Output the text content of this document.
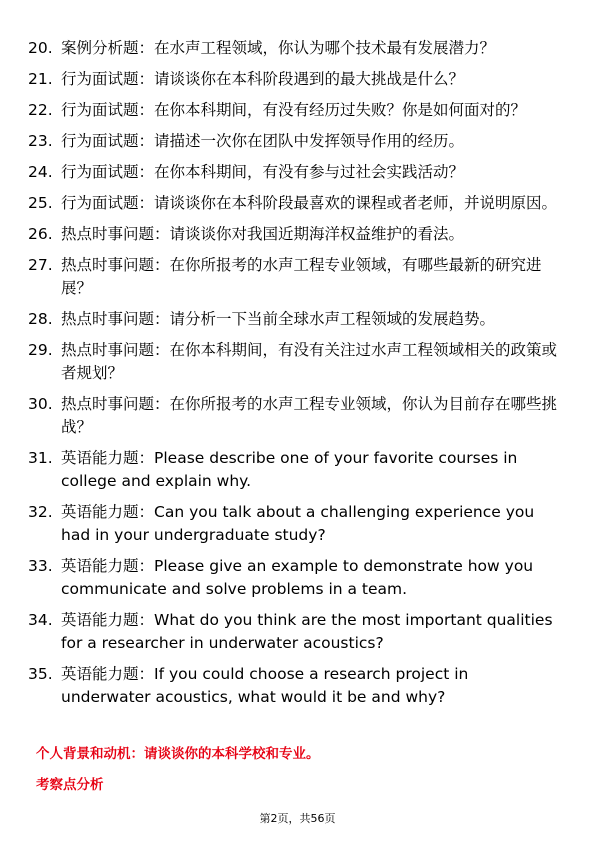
20. 案例分析题：在水声工程领域，你认为哪个技术最有发展潜力？
21. 行为面试题：请谈谈你在本科阶段遇到的最大挑战是什么？
22. 行为面试题：在你本科期间，有没有经历过失败？你是如何面对的？
23. 行为面试题：请描述一次你在团队中发挥领导作用的经历。
24. 行为面试题：在你本科期间，有没有参与过社会实践活动？
25. 行为面试题：请谈谈你在本科阶段最喜欢的课程或者老师，并说明原因。
26. 热点时事问题：请谈谈你对我国近期海洋权益维护的看法。
27. 热点时事问题：在你所报考的水声工程专业领域，有哪些最新的研究进展？
28. 热点时事问题：请分析一下当前全球水声工程领域的发展趋势。
29. 热点时事问题：在你本科期间，有没有关注过水声工程领域相关的政策或者规划？
30. 热点时事问题：在你所报考的水声工程专业领域，你认为目前存在哪些挑战？
31. 英语能力题：Please describe one of your favorite courses in college and explain why.
32. 英语能力题：Can you talk about a challenging experience you had in your undergraduate study?
33. 英语能力题：Please give an example to demonstrate how you communicate and solve problems in a team.
34. 英语能力题：What do you think are the most important qualities for a researcher in underwater acoustics?
35. 英语能力题：If you could choose a research project in underwater acoustics, what would it be and why?
个人背景和动机：请谈谈你的本科学校和专业。
考察点分析
第2页，共56页
